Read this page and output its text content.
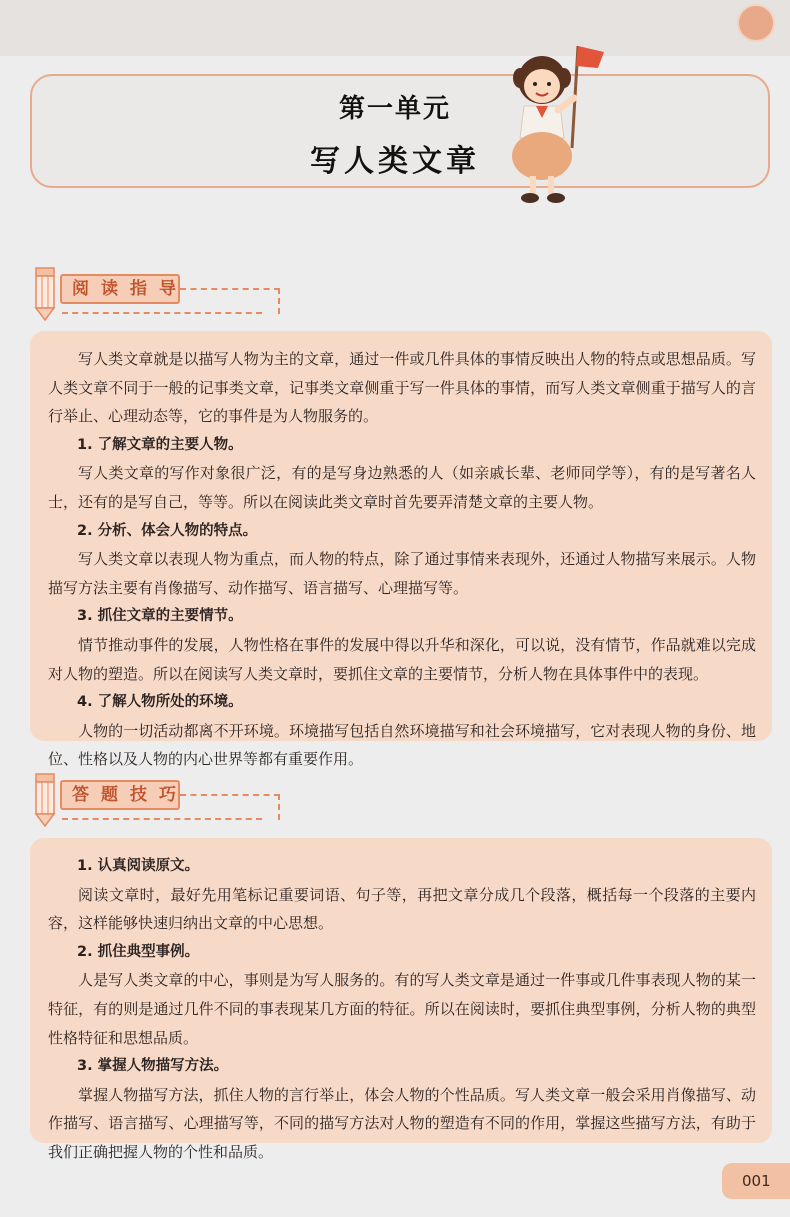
第一单元
写人类文章
阅读指导

写人类文章就是以描写人物为主的文章，通过一件或几件具体的事情反映出人物的特点或思想品质。写人类文章不同于一般的记事类文章，记事类文章侧重于写一件具体的事情，而写人类文章侧重于描写人的言行举止、心理动态等，它的事件是为人物服务的。

1. 了解文章的主要人物。

写人类文章的写作对象很广泛，有的是写身边熟悉的人（如亲戚长辈、老师同学等），有的是写著名人士，还有的是写自己，等等。所以在阅读此类文章时首先要弄清楚文章的主要人物。

2. 分析、体会人物的特点。

写人类文章以表现人物为重点，而人物的特点，除了通过事情来表现外，还通过人物描写来展示。人物描写方法主要有肖像描写、动作描写、语言描写、心理描写等。

3. 抓住文章的主要情节。

情节推动事件的发展，人物性格在事件的发展中得以升华和深化，可以说，没有情节，作品就难以完成对人物的塑造。所以在阅读写人类文章时，要抓住文章的主要情节，分析人物在具体事件中的表现。

4. 了解人物所处的环境。

人物的一切活动都离不开环境。环境描写包括自然环境描写和社会环境描写，它对表现人物的身份、地位、性格以及人物的内心世界等都有重要作用。

答题技巧

1. 认真阅读原文。

阅读文章时，最好先用笔标记重要词语、句子等，再把文章分成几个段落，概括每一个段落的主要内容，这样能够快速归纳出文章的中心思想。

2. 抓住典型事例。

人是写人类文章的中心，事则是为写人服务的。有的写人类文章是通过一件事或几件事表现人物的某一特征，有的则是通过几件不同的事表现某几方面的特征。所以在阅读时，要抓住典型事例，分析人物的典型性格特征和思想品质。

3. 掌握人物描写方法。

掌握人物描写方法，抓住人物的言行举止，体会人物的个性品质。写人类文章一般会采用肖像描写、动作描写、语言描写、心理描写等，不同的描写方法对人物的塑造有不同的作用，掌握这些描写方法，有助于我们正确把握人物的个性和品质。

001
